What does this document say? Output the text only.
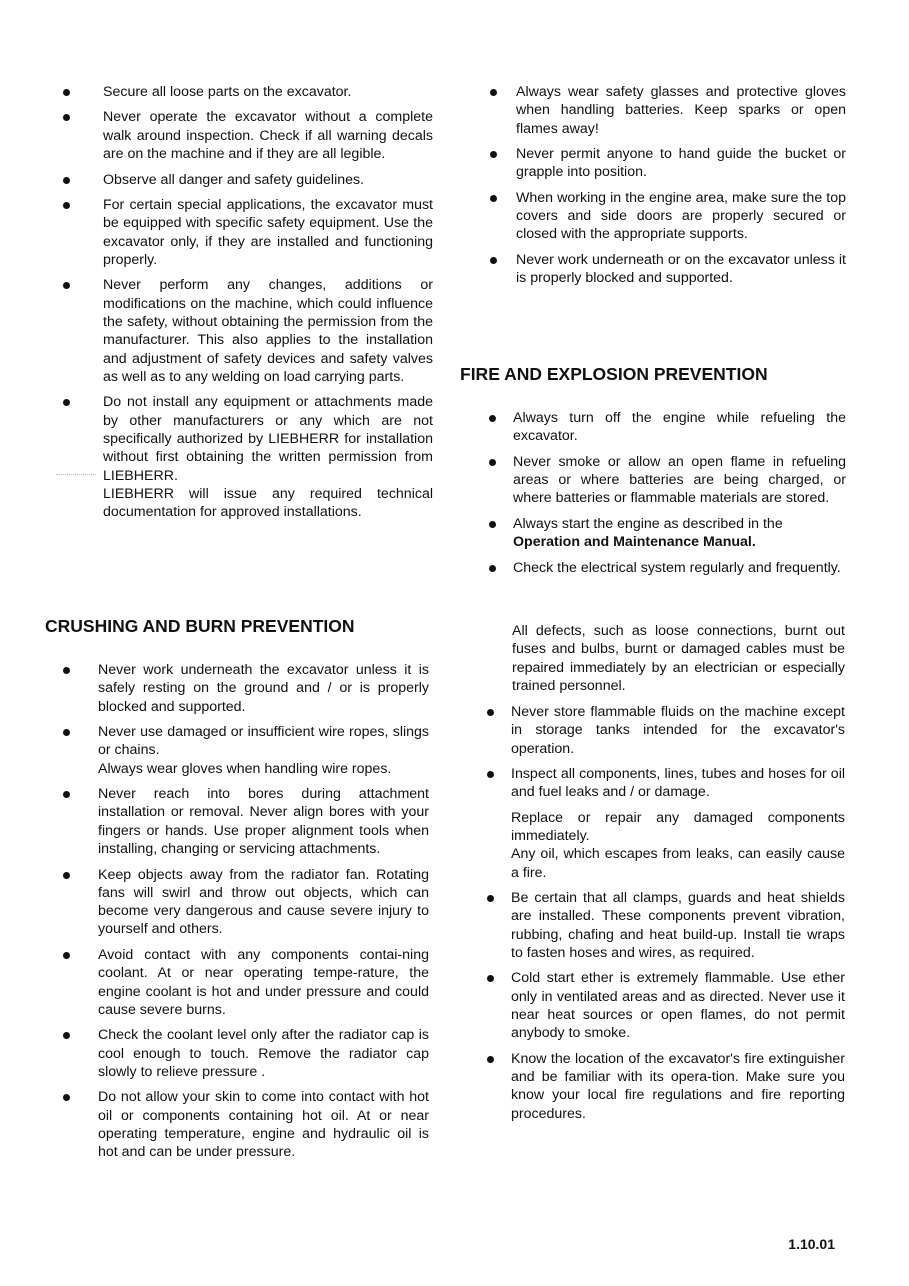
Secure all loose parts on the excavator.

Never operate the excavator without a complete walk around inspection. Check if all warning decals are on the machine and if they are all legible.

Observe all danger and safety guidelines.

For certain special applications, the excavator must be equipped with specific safety equipment. Use the excavator only, if they are installed and functioning properly.

Never perform any changes, additions or modifications on the machine, which could influence the safety, without obtaining the permission from the manufacturer. This also applies to the installation and adjustment of safety devices and safety valves as well as to any welding on load carrying parts.

Do not install any equipment or attachments made by other manufacturers or any which are not specifically authorized by LIEBHERR for installation without first obtaining the written permission from LIEBHERR.

LIEBHERR will issue any required technical documentation for approved installations.

CRUSHING AND BURN PREVENTION

Never work underneath the excavator unless it is safely resting on the ground and / or is properly blocked and supported.

Never use damaged or insufficient wire ropes, slings or chains.

Always wear gloves when handling wire ropes.

Never reach into bores during attachment installation or removal. Never align bores with your fingers or hands. Use proper alignment tools when installing, changing or servicing attachments.

Keep objects away from the radiator fan. Rotating fans will swirl and throw out objects, which can become very dangerous and cause severe injury to yourself and others.

Avoid contact with any components contai-ning coolant. At or near operating tempe-rature, the engine coolant is hot and under pressure and could cause severe burns.

Check the coolant level only after the radiator cap is cool enough to touch. Remove the radiator cap slowly to relieve pressure .

Do not allow your skin to come into contact with hot oil or components containing hot oil. At or near operating temperature, engine and hydraulic oil is hot and can be under pressure.

Always wear safety glasses and protective gloves when handling batteries. Keep sparks or open flames away!

Never permit anyone to hand guide the bucket or grapple into position.

When working in the engine area, make sure the top covers and side doors are properly secured or closed with the appropriate supports.

Never work underneath or on the excavator unless it is properly blocked and supported.

FIRE AND EXPLOSION PREVENTION

Always turn off the engine while refueling the excavator.

Never smoke or allow an open flame in refueling areas or where batteries are being charged, or where batteries or flammable materials are stored.

Always start the engine as described in the

Operation and Maintenance Manual.

Check the electrical system regularly and frequently.

All defects, such as loose connections, burnt out fuses and bulbs, burnt or damaged cables must be repaired immediately by an electrician or especially trained personnel.

Never store flammable fluids on the machine except in storage tanks intended for the excavator's operation.

Inspect all components, lines, tubes and hoses for oil and fuel leaks and / or damage.

Replace or repair any damaged components immediately.

Any oil, which escapes from leaks, can easily cause a fire.

Be certain that all clamps, guards and heat shields are installed. These components prevent vibration, rubbing, chafing and heat build-up. Install tie wraps to fasten hoses and wires, as required.

Cold start ether is extremely flammable. Use ether only in ventilated areas and as directed. Never use it near heat sources or open flames, do not permit anybody to smoke.

Know the location of the excavator's fire extinguisher and be familiar with its opera-tion. Make sure you know your local fire regulations and fire reporting procedures.

1.10.01
